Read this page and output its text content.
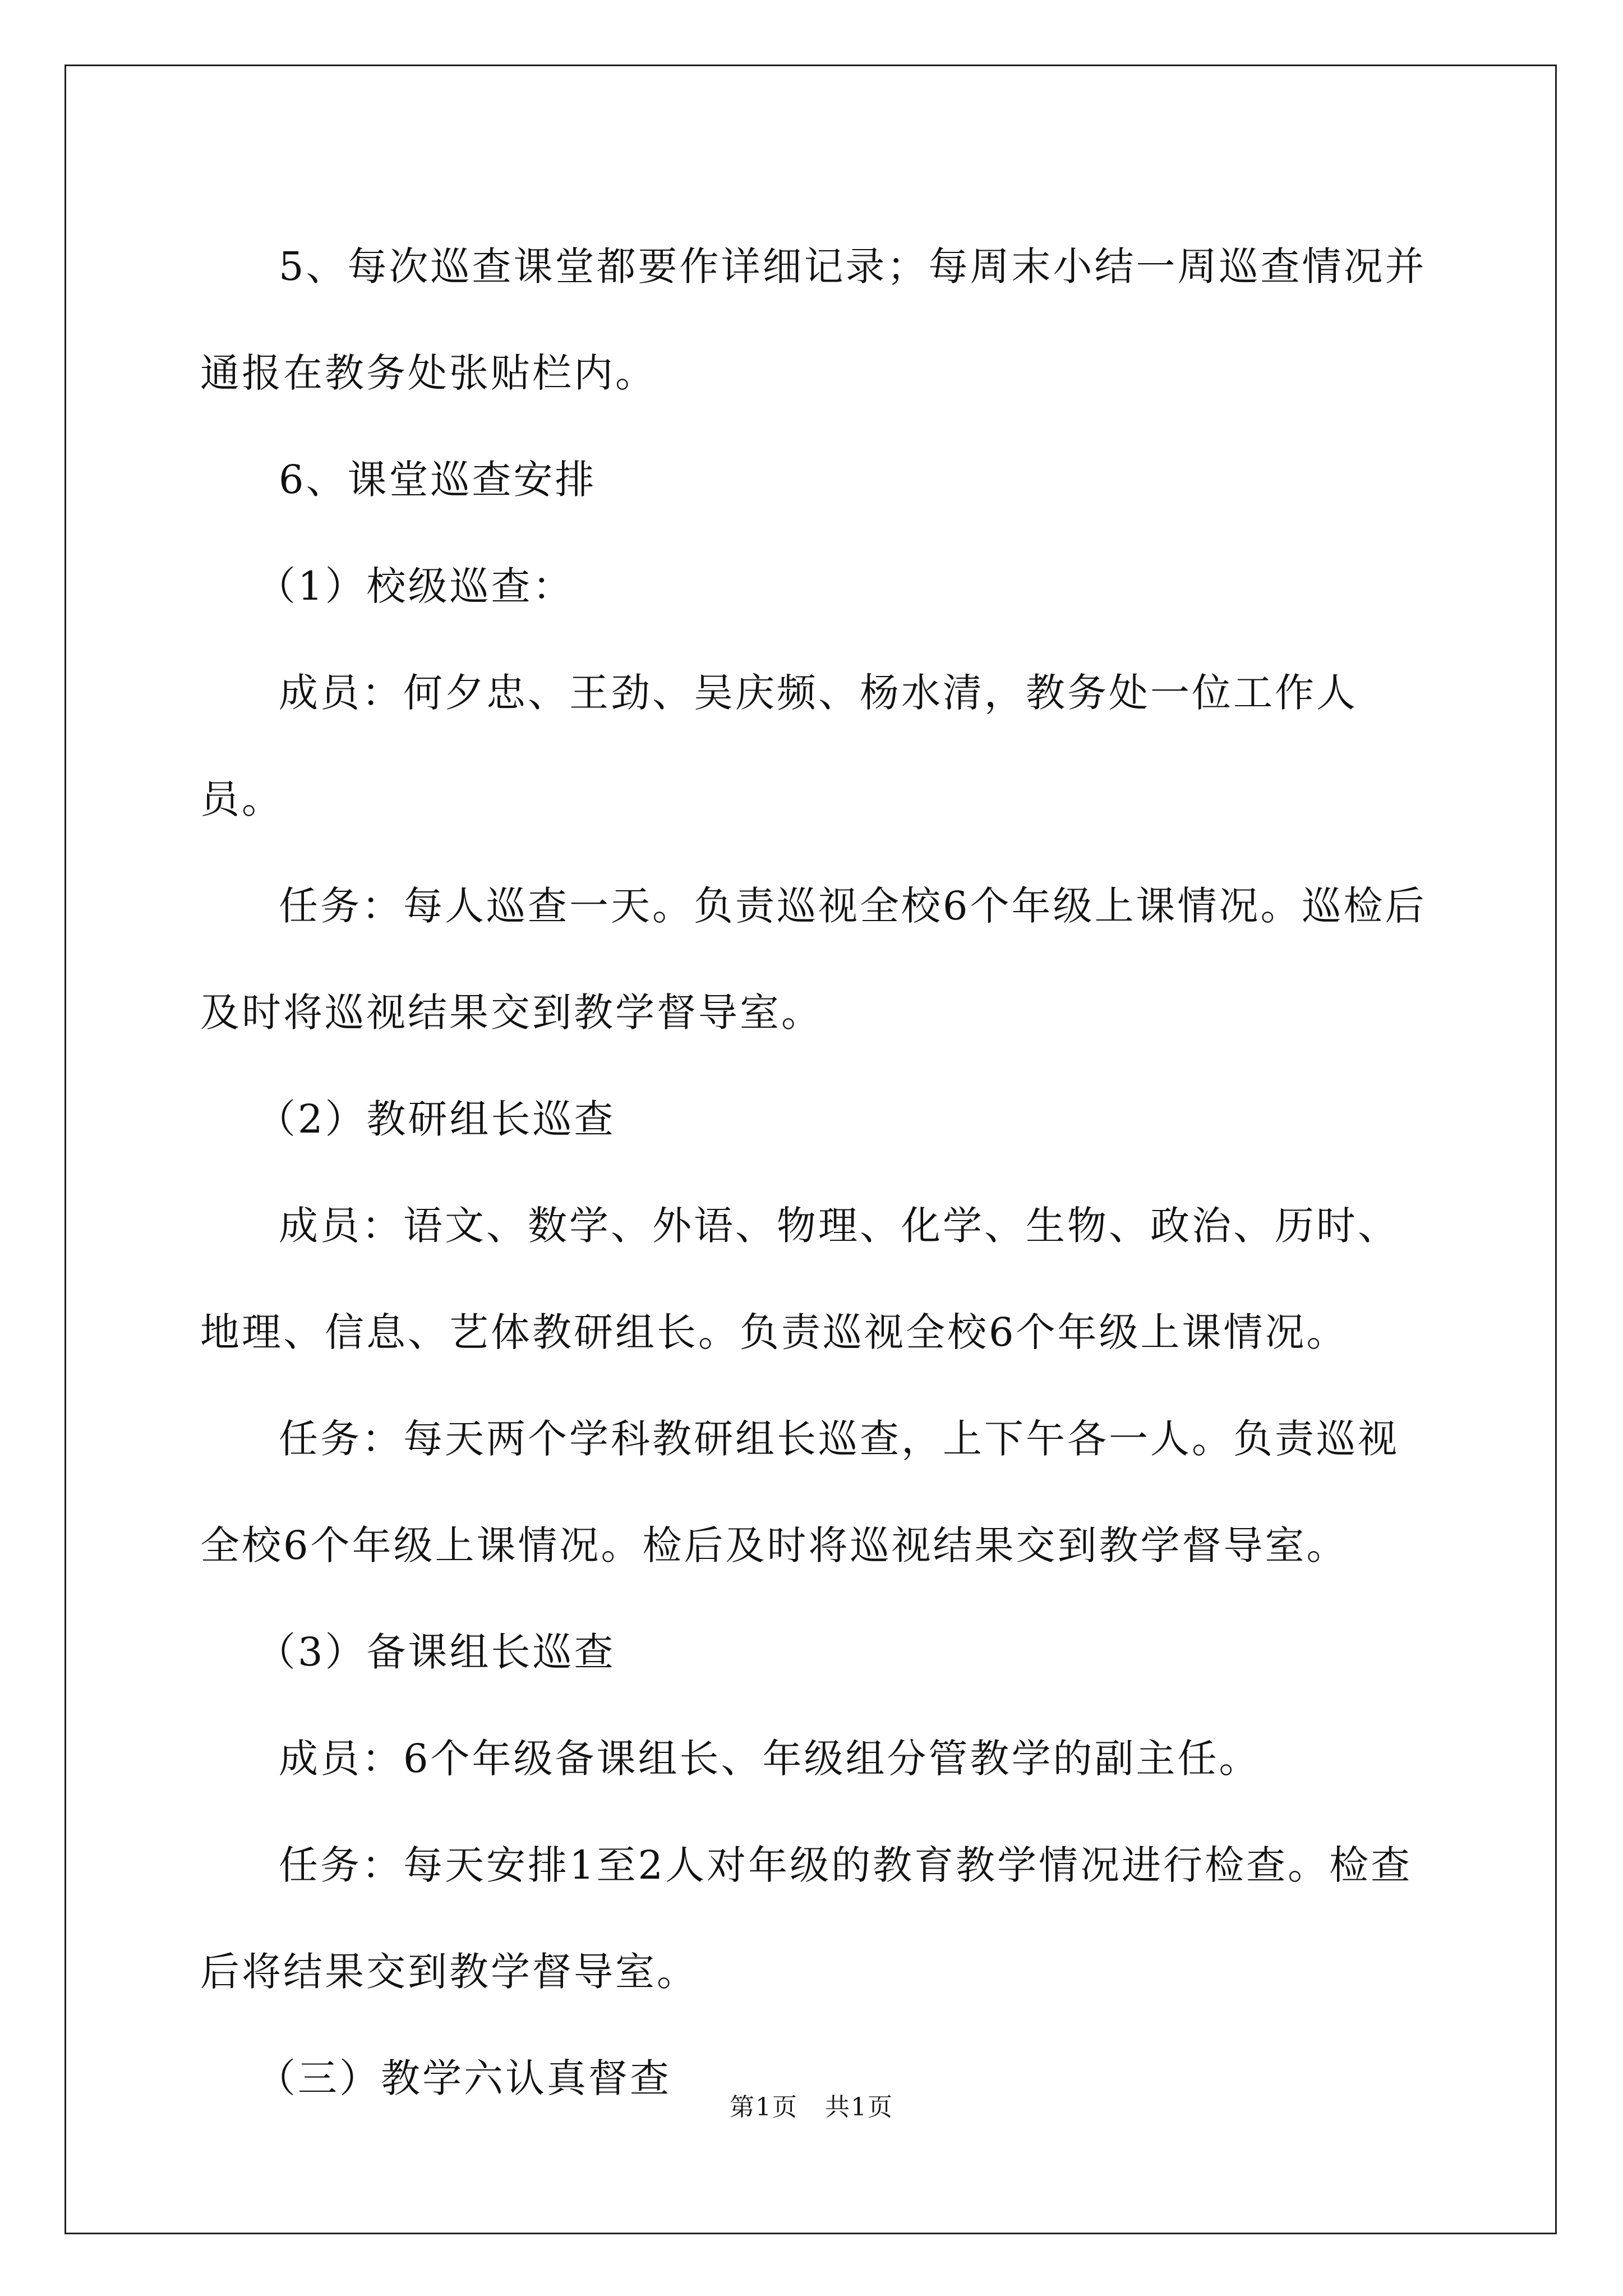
5、每次巡查课堂都要作详细记录；每周末小结一周巡查情况并通报在教务处张贴栏内。

6、课堂巡查安排

（1）校级巡查：

成员：何夕忠、王劲、吴庆频、杨水清，教务处一位工作人员。

任务：每人巡查一天。负责巡视全校6个年级上课情况。巡检后及时将巡视结果交到教学督导室。

（2）教研组长巡查

成员：语文、数学、外语、物理、化学、生物、政治、历时、地理、信息、艺体教研组长。负责巡视全校6个年级上课情况。

任务：每天两个学科教研组长巡查，上下午各一人。负责巡视全校6个年级上课情况。检后及时将巡视结果交到教学督导室。

（3）备课组长巡查

成员：6个年级备课组长、年级组分管教学的副主任。

任务：每天安排1至2人对年级的教育教学情况进行检查。检查后将结果交到教学督导室。

（三）教学六认真督查

第1页 共1页
